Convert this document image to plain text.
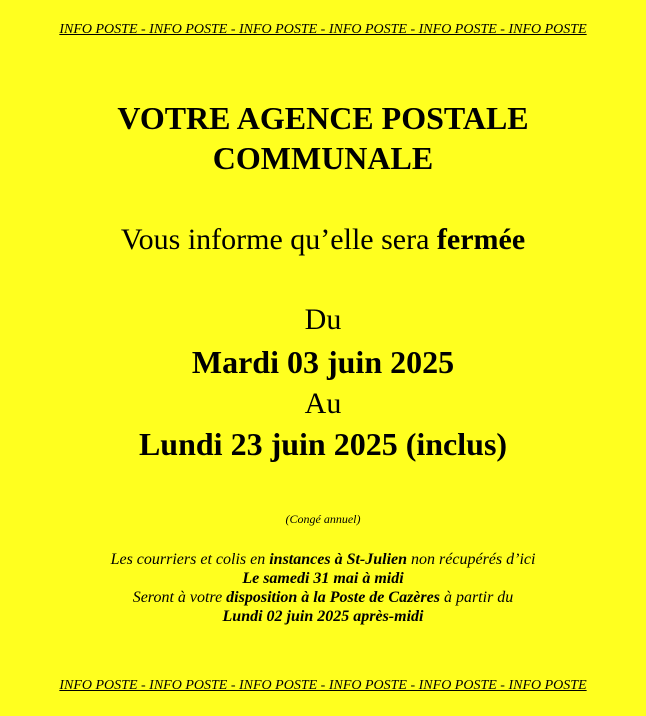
INFO POSTE - INFO POSTE - INFO POSTE - INFO POSTE - INFO POSTE - INFO POSTE
VOTRE AGENCE POSTALE
COMMUNALE
Vous informe qu’elle sera fermée
Du
Mardi 03 juin 2025
Au
Lundi 23 juin 2025 (inclus)
(Congé annuel)
Les courriers et colis en instances à St-Julien non récupérés d’ici
Le samedi 31 mai à midi
Seront à votre disposition à la Poste de Cazères à partir du
Lundi 02 juin 2025 après-midi
INFO POSTE - INFO POSTE - INFO POSTE - INFO POSTE - INFO POSTE - INFO POSTE
